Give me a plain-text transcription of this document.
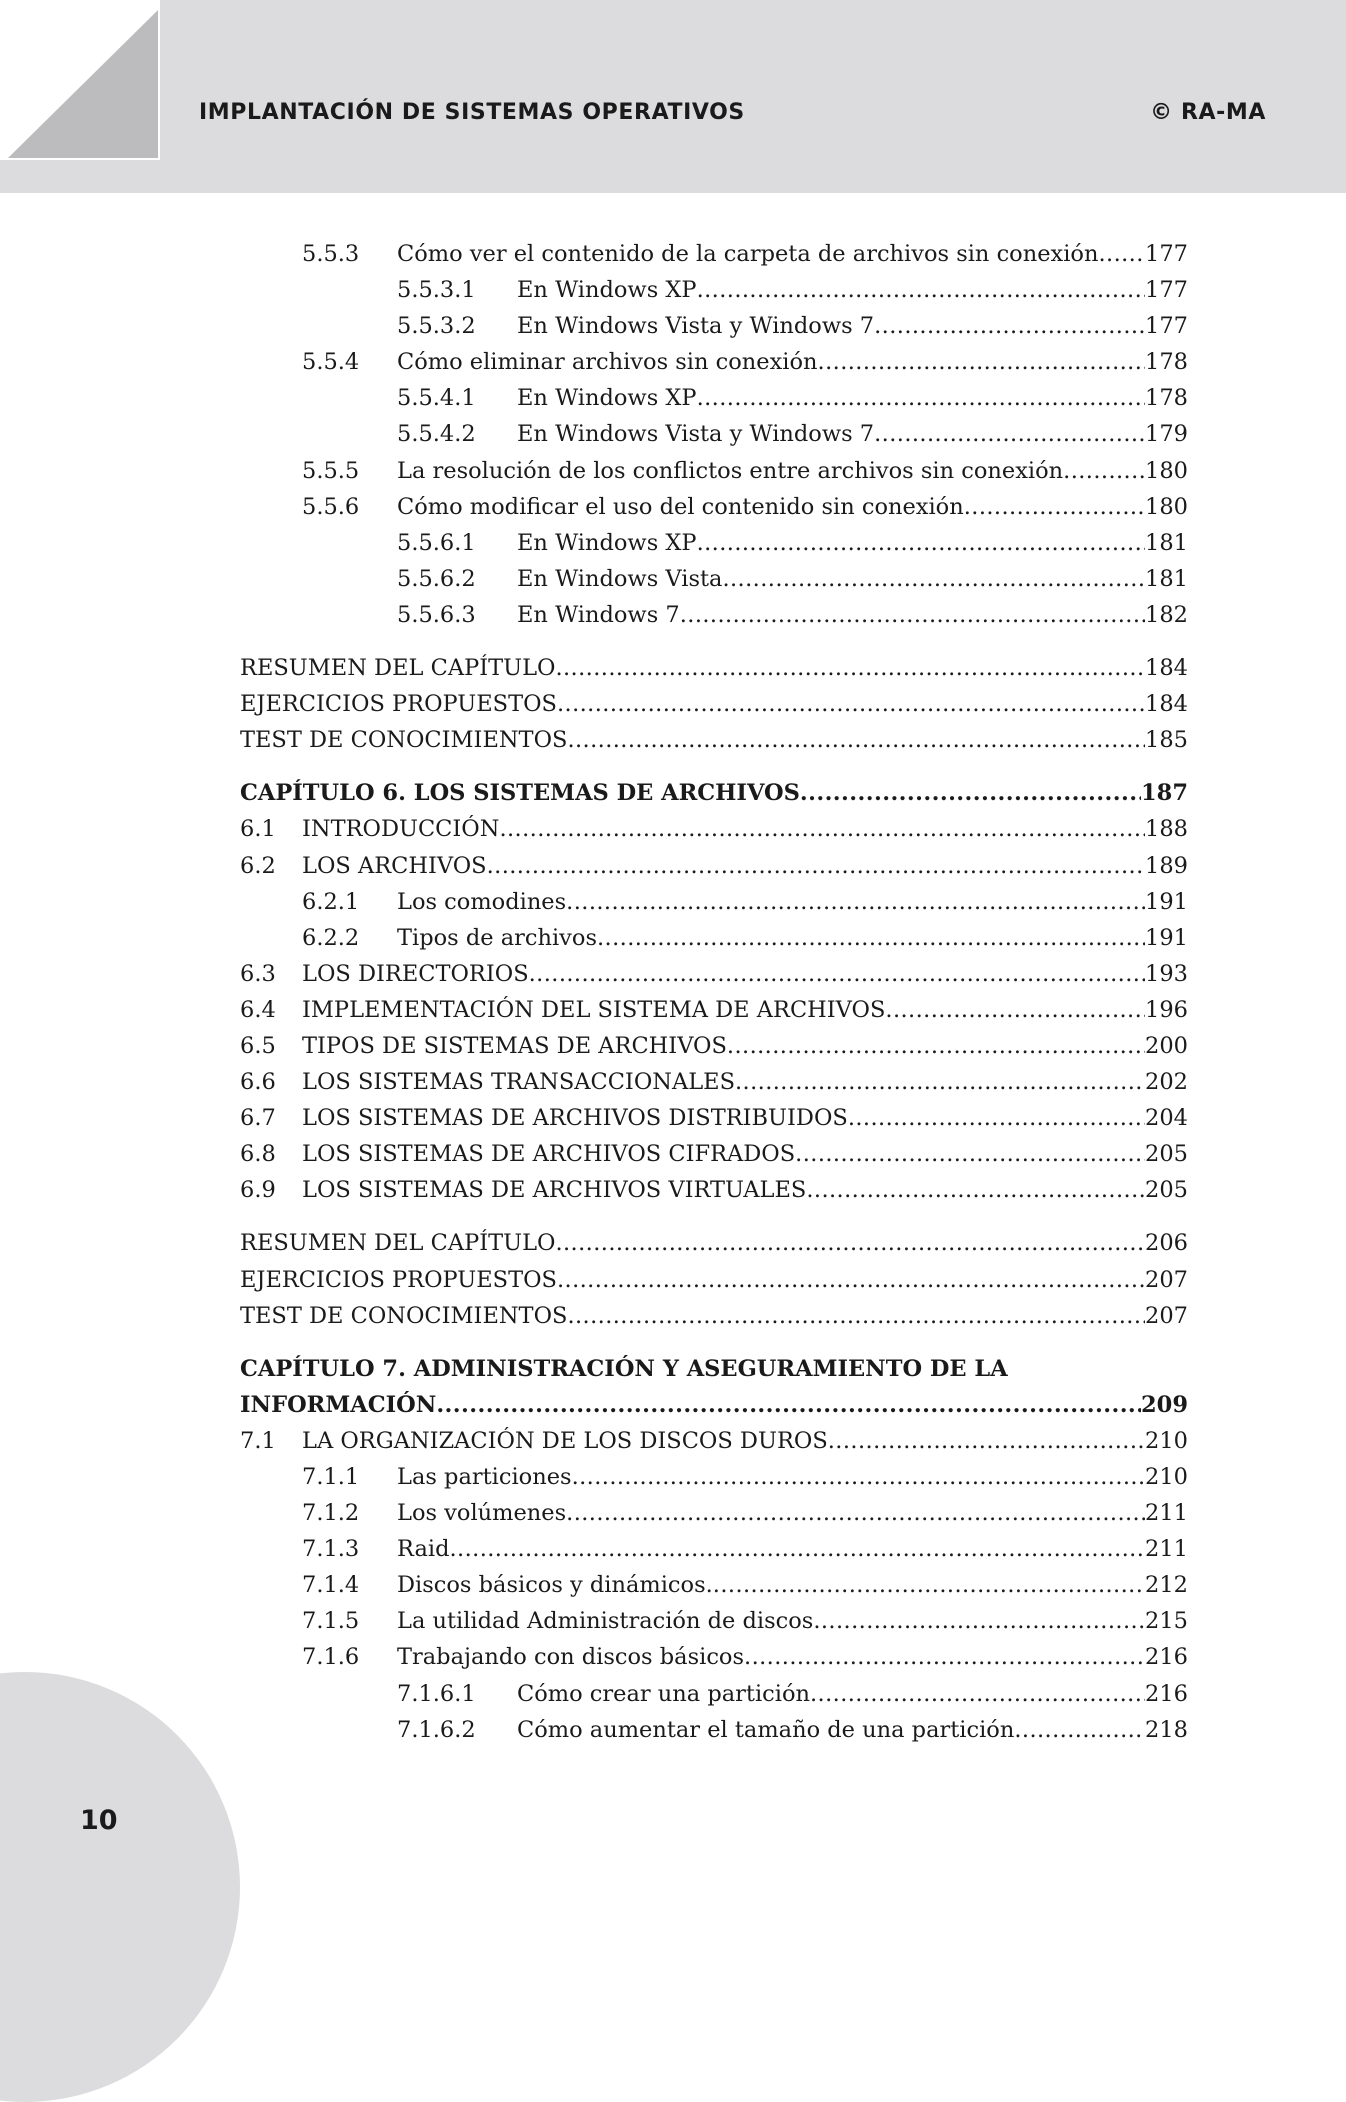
IMPLANTACIÓN DE SISTEMAS OPERATIVOS	© RA-MA
5.5.3 Cómo ver el contenido de la carpeta de archivos sin conexión ..... 177
5.5.3.1 En Windows XP .....	177
5.5.3.2 En Windows Vista y Windows 7 .....	177
5.5.4 Cómo eliminar archivos sin conexión .....	178
5.5.4.1 En Windows XP .....	178
5.5.4.2 En Windows Vista y Windows 7 .....	179
5.5.5 La resolución de los conflictos entre archivos sin conexión .....	180
5.5.6 Cómo modificar el uso del contenido sin conexión .....	180
5.5.6.1 En Windows XP .....	181
5.5.6.2 En Windows Vista .....	181
5.5.6.3 En Windows 7 .....	182
RESUMEN DEL CAPÍTULO .....	184
EJERCICIOS PROPUESTOS .....	184
TEST DE CONOCIMIENTOS .....	185
CAPÍTULO 6. LOS SISTEMAS DE ARCHIVOS .....	187
6.1 INTRODUCCIÓN .....	188
6.2 LOS ARCHIVOS .....	189
6.2.1 Los comodines .....	191
6.2.2 Tipos de archivos .....	191
6.3 LOS DIRECTORIOS .....	193
6.4 IMPLEMENTACIÓN DEL SISTEMA DE ARCHIVOS .....	196
6.5 TIPOS DE SISTEMAS DE ARCHIVOS .....	200
6.6 LOS SISTEMAS TRANSACCIONALES .....	202
6.7 LOS SISTEMAS DE ARCHIVOS DISTRIBUIDOS .....	204
6.8 LOS SISTEMAS DE ARCHIVOS CIFRADOS .....	205
6.9 LOS SISTEMAS DE ARCHIVOS VIRTUALES .....	205
RESUMEN DEL CAPÍTULO .....	206
EJERCICIOS PROPUESTOS .....	207
TEST DE CONOCIMIENTOS .....	207
CAPÍTULO 7. ADMINISTRACIÓN Y ASEGURAMIENTO DE LA
INFORMACIÓN .....	209
7.1 LA ORGANIZACIÓN DE LOS DISCOS DUROS .....	210
7.1.1 Las particiones .....	210
7.1.2 Los volúmenes .....	211
7.1.3 Raid .....	211
7.1.4 Discos básicos y dinámicos. .....	212
7.1.5 La utilidad Administración de discos .....	215
7.1.6 Trabajando con discos básicos .....	216
7.1.6.1 Cómo crear una partición .....	216
7.1.6.2 Cómo aumentar el tamaño de una partición .....	218
10
